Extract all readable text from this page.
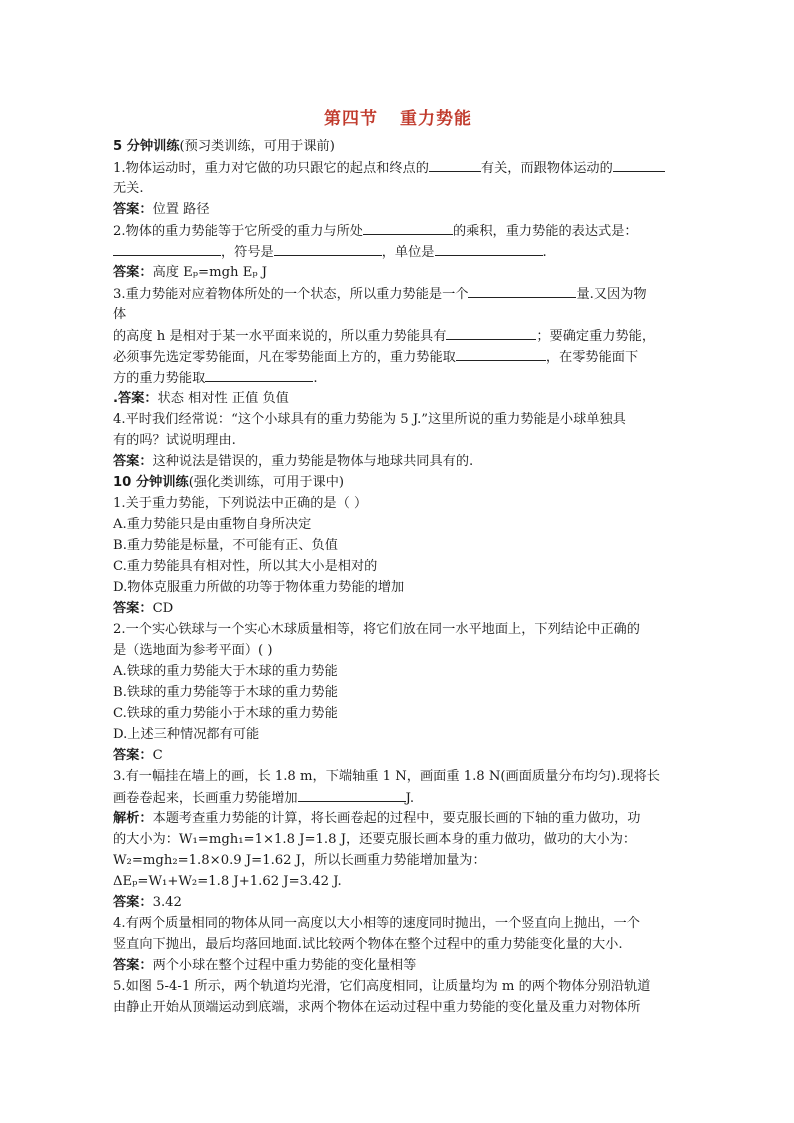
第四节 重力势能
5 分钟训练(预习类训练，可用于课前)
1.物体运动时，重力对它做的功只跟它的起点和终点的	有关，而跟物体运动的
无关.
答案：位置 路径
2.物体的重力势能等于它所受的重力与所处	的乘积，重力势能的表达式是：
，符号是	，单位是	.
答案：高度 Eₚ=mgh Eₚ J
3.重力势能对应着物体所处的一个状态，所以重力势能是一个	量.又因为物
体
的高度 h 是相对于某一水平面来说的，所以重力势能具有	；要确定重力势能，
必须事先选定零势能面，凡在零势能面上方的，重力势能取	，在零势能面下
方的重力势能取	.
.答案：状态 相对性 正值 负值
4.平时我们经常说：“这个小球具有的重力势能为 5 J.”这里所说的重力势能是小球单独具
有的吗？试说明理由.
答案：这种说法是错误的，重力势能是物体与地球共同具有的.
10 分钟训练(强化类训练，可用于课中)
1.关于重力势能，下列说法中正确的是（ ）
A.重力势能只是由重物自身所决定
B.重力势能是标量，不可能有正、负值
C.重力势能具有相对性，所以其大小是相对的
D.物体克服重力所做的功等于物体重力势能的增加
答案：CD
2.一个实心铁球与一个实心木球质量相等，将它们放在同一水平地面上，下列结论中正确的
是（选地面为参考平面）( )
A.铁球的重力势能大于木球的重力势能
B.铁球的重力势能等于木球的重力势能
C.铁球的重力势能小于木球的重力势能
D.上述三种情况都有可能
答案：C
3.有一幅挂在墙上的画，长 1.8 m，下端轴重 1 N，画面重 1.8 N(画面质量分布均匀).现将长
画卷卷起来，长画重力势能增加	J.
解析：本题考查重力势能的计算，将长画卷起的过程中，要克服长画的下轴的重力做功，功
的大小为：W₁=mgh₁=1×1.8 J=1.8 J，还要克服长画本身的重力做功，做功的大小为：
W₂=mgh₂=1.8×0.9 J=1.62 J，所以长画重力势能增加量为：
ΔEₚ=W₁+W₂=1.8 J+1.62 J=3.42 J.
答案：3.42
4.有两个质量相同的物体从同一高度以大小相等的速度同时抛出，一个竖直向上抛出，一个
竖直向下抛出，最后均落回地面.试比较两个物体在整个过程中的重力势能变化量的大小.
答案：两个小球在整个过程中重力势能的变化量相等
5.如图 5-4-1 所示，两个轨道均光滑，它们高度相同，让质量均为 m 的两个物体分别沿轨道
由静止开始从顶端运动到底端，求两个物体在运动过程中重力势能的变化量及重力对物体所
